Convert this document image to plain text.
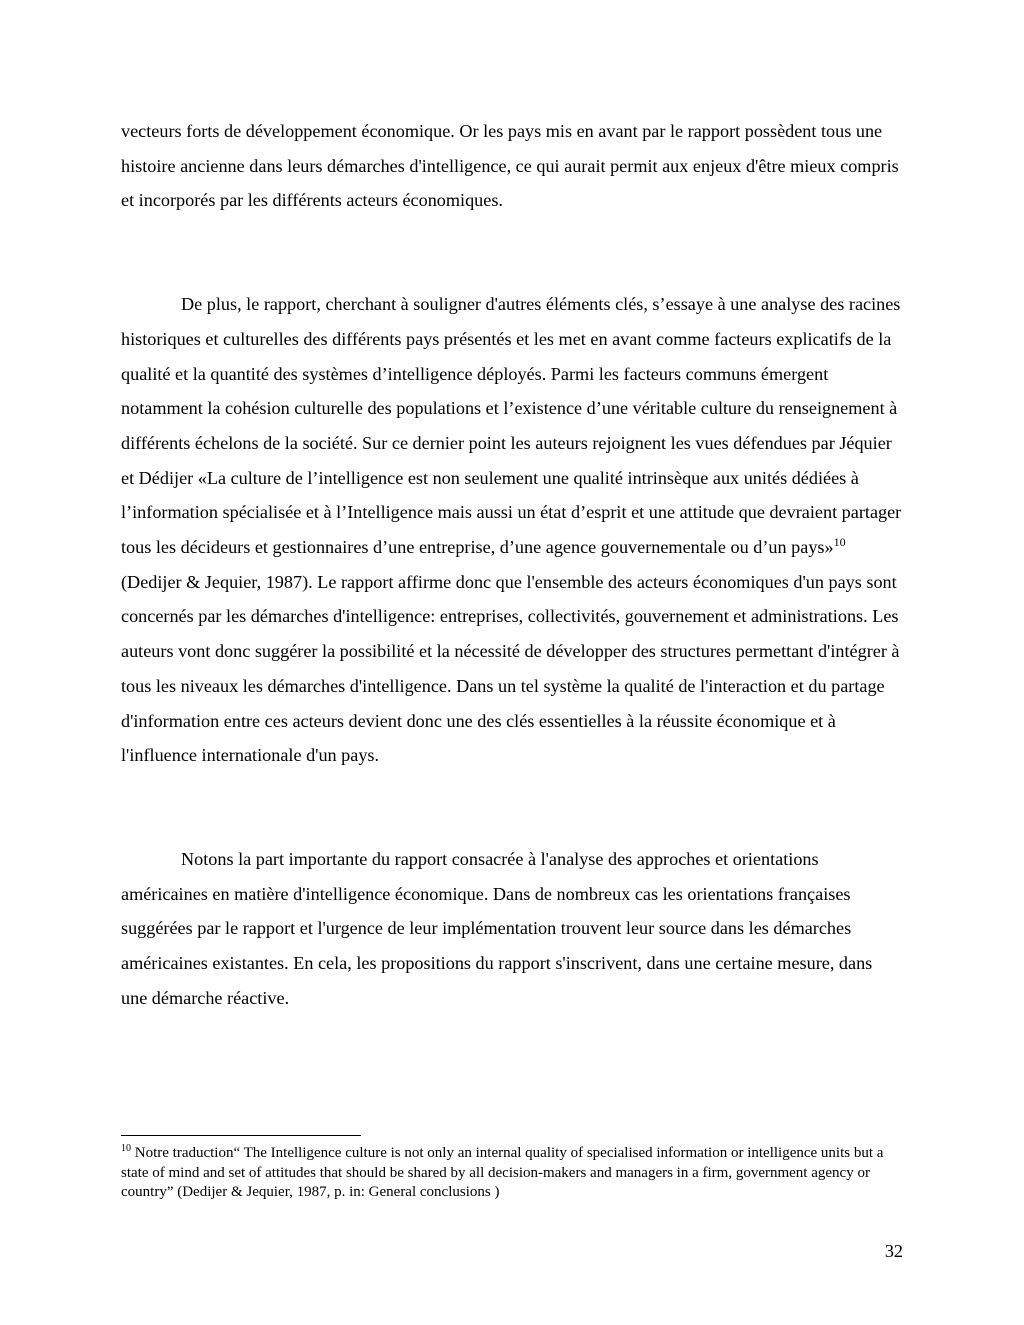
vecteurs forts de développement économique. Or les pays mis en avant par le rapport possèdent tous une histoire ancienne dans leurs démarches d'intelligence, ce qui aurait permit aux enjeux d'être mieux compris et incorporés par les différents acteurs économiques.

De plus, le rapport, cherchant à souligner d'autres éléments clés, s’essaye à une analyse des racines historiques et culturelles des différents pays présentés et les met en avant comme facteurs explicatifs de la qualité et la quantité des systèmes d’intelligence déployés. Parmi les facteurs communs émergent notamment la cohésion culturelle des populations et l’existence d’une véritable culture du renseignement à différents échelons de la société. Sur ce dernier point les auteurs rejoignent les vues défendues par Jéquier et Dédijer «La culture de l’intelligence est non seulement une qualité intrinsèque aux unités dédiées à l’information spécialisée et à l’Intelligence mais aussi un état d’esprit et une attitude que devraient partager tous les décideurs et gestionnaires d’une entreprise, d’une agence gouvernementale ou d’un pays»$^{10}$ (Dedijer & Jequier, 1987). Le rapport affirme donc que l'ensemble des acteurs économiques d'un pays sont concernés par les démarches d'intelligence: entreprises, collectivités, gouvernement et administrations. Les auteurs vont donc suggérer la possibilité et la nécessité de développer des structures permettant d'intégrer à tous les niveaux les démarches d'intelligence. Dans un tel système la qualité de l'interaction et du partage d'information entre ces acteurs devient donc une des clés essentielles à la réussite économique et à l'influence internationale d'un pays.

Notons la part importante du rapport consacrée à l'analyse des approches et orientations américaines en matière d'intelligence économique. Dans de nombreux cas les orientations françaises suggérées par le rapport et l'urgence de leur implémentation trouvent leur source dans les démarches américaines existantes. En cela, les propositions du rapport s'inscrivent, dans une certaine mesure, dans une démarche réactive.

$^{10}$ Notre traduction“ The Intelligence culture is not only an internal quality of specialised information or intelligence units but a state of mind and set of attitudes that should be shared by all decision-makers and managers in a firm, government agency or country” (Dedijer & Jequier, 1987, p. in: General conclusions )

32
